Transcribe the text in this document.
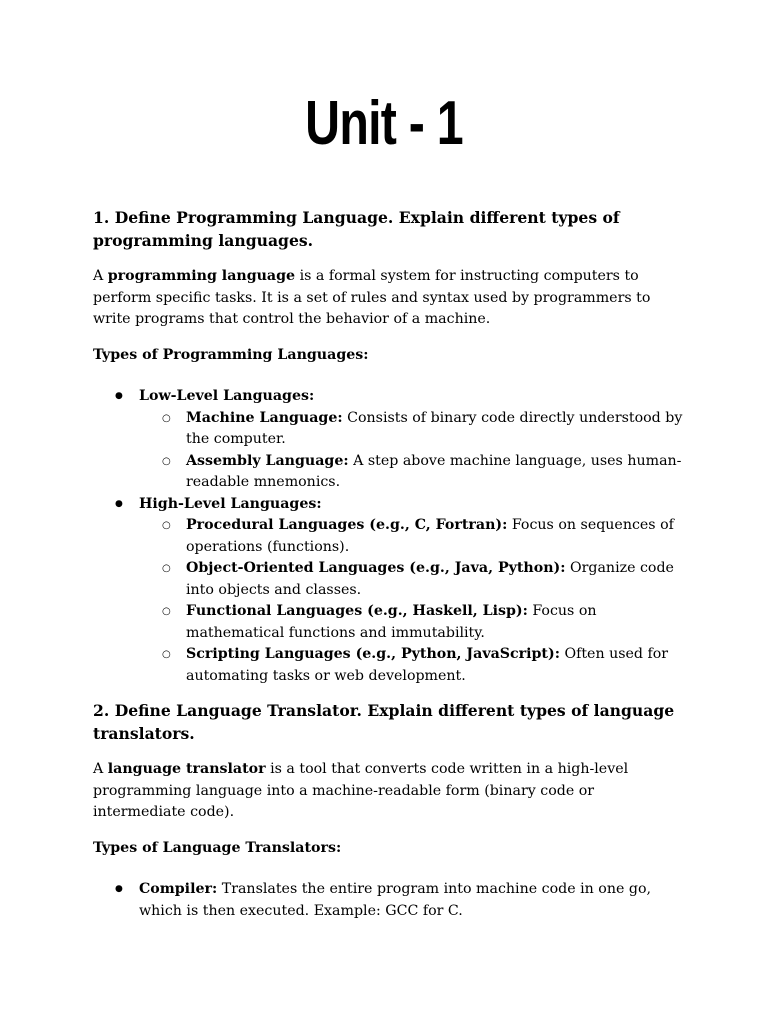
Unit - 1
1. Define Programming Language. Explain different types of programming languages.

A programming language is a formal system for instructing computers to perform specific tasks. It is a set of rules and syntax used by programmers to write programs that control the behavior of a machine.

Types of Programming Languages:

● Low-Level Languages:
○ Machine Language: Consists of binary code directly understood by the computer.
○ Assembly Language: A step above machine language, uses human-readable mnemonics.
● High-Level Languages:
○ Procedural Languages (e.g., C, Fortran): Focus on sequences of operations (functions).
○ Object-Oriented Languages (e.g., Java, Python): Organize code into objects and classes.
○ Functional Languages (e.g., Haskell, Lisp): Focus on mathematical functions and immutability.
○ Scripting Languages (e.g., Python, JavaScript): Often used for automating tasks or web development.
2. Define Language Translator. Explain different types of language translators.

A language translator is a tool that converts code written in a high-level programming language into a machine-readable form (binary code or intermediate code).

Types of Language Translators:

● Compiler: Translates the entire program into machine code in one go, which is then executed. Example: GCC for C.
